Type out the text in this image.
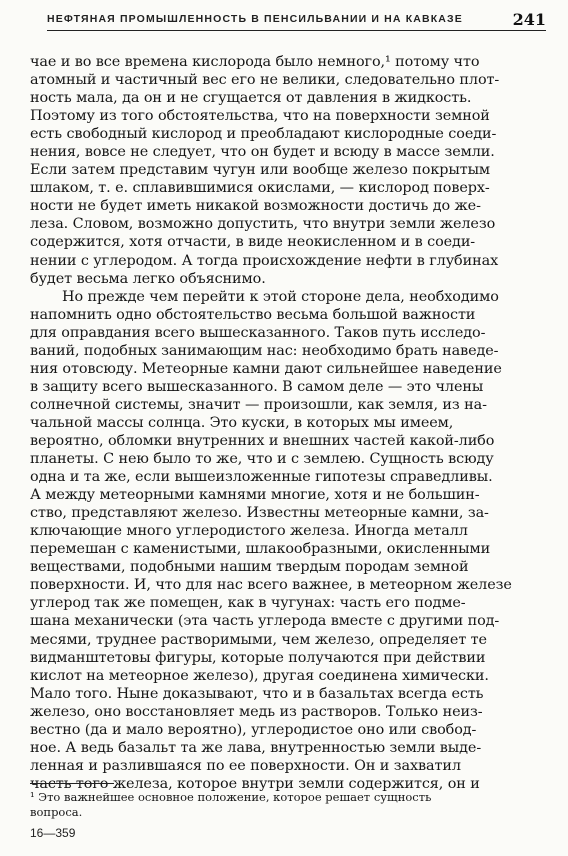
НЕФТЯНАЯ ПРОМЫШЛЕННОСТЬ В ПЕНСИЛЬВАНИИ И НА КАВКАЗЕ	241

чае и во все времена кислорода было немного,¹ потому что
атомный и частичный вес его не велики, следовательно плот-
ность мала, да он и не сгущается от давления в жидкость.
Поэтому из того обстоятельства, что на поверхности земной
есть свободный кислород и преобладают кислородные соеди-
нения, вовсе не следует, что он будет и всюду в массе земли.
Если затем представим чугун или вообще железо покрытым
шлаком, т. е. сплавившимися окислами, — кислород поверх-
ности не будет иметь никакой возможности достичь до же-
леза. Словом, возможно допустить, что внутри земли железо
содержится, хотя отчасти, в виде неокисленном и в соеди-
нении с углеродом. А тогда происхождение нефти в глубинах
будет весьма легко объяснимо.

Но прежде чем перейти к этой стороне дела, необходимо
напомнить одно обстоятельство весьма большой важности
для оправдания всего вышесказанного. Таков путь исследо-
ваний, подобных занимающим нас: необходимо брать наведе-
ния отовсюду. Метеорные камни дают сильнейшее наведение
в защиту всего вышесказанного. В самом деле — это члены
солнечной системы, значит — произошли, как земля, из на-
чальной массы солнца. Это куски, в которых мы имеем,
вероятно, обломки внутренних и внешних частей какой-либо
планеты. С нею было то же, что и с землею. Сущность всюду
одна и та же, если вышеизложенные гипотезы справедливы.
А между метеорными камнями многие, хотя и не большин-
ство, представляют железо. Известны метеорные камни, за-
ключающие много углеродистого железа. Иногда металл
перемешан с каменистыми, шлакообразными, окисленными
веществами, подобными нашим твердым породам земной
поверхности. И, что для нас всего важнее, в метеорном железе
углерод так же помещен, как в чугунах: часть его подме-
шана механически (эта часть углерода вместе с другими под-
месями, труднее растворимыми, чем железо, определяет те
видманштетовы фигуры, которые получаются при действии
кислот на метеорное железо), другая соединена химически.
Мало того. Ныне доказывают, что и в базальтах всегда есть
железо, оно восстановляет медь из растворов. Только неиз-
вестно (да и мало вероятно), углеродистое оно или свобод-
ное. А ведь базальт та же лава, внутренностью земли выде-
ленная и разлившаяся по ее поверхности. Он и захватил
часть того железа, которое внутри земли содержится, он и

¹ Это важнейшее основное положение, которое решает сущность
вопроса.
16—359
